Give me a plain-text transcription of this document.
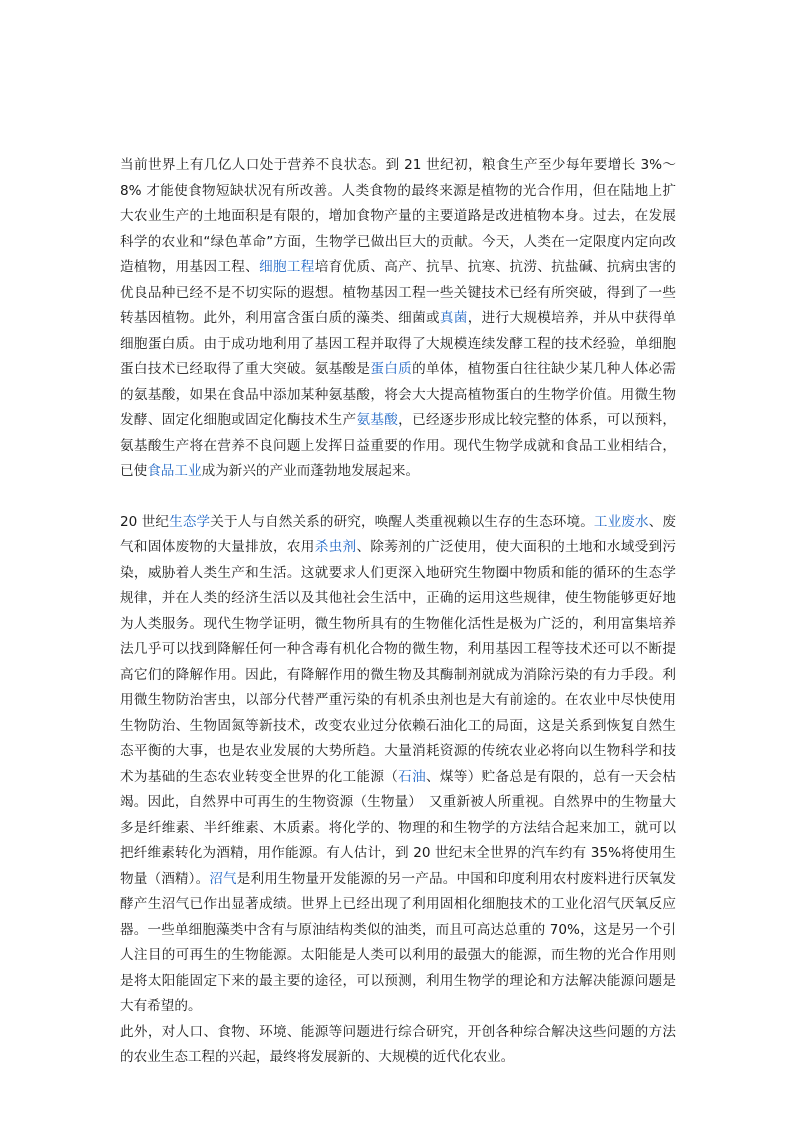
当前世界上有几亿人口处于营养不良状态。到 21 世纪初，粮食生产至少每年要增长 3%～8% 才能使食物短缺状况有所改善。人类食物的最终来源是植物的光合作用，但在陆地上扩大农业生产的土地面积是有限的，增加食物产量的主要道路是改进植物本身。过去，在发展科学的农业和“绿色革命”方面，生物学已做出巨大的贡献。今天，人类在一定限度内定向改造植物，用基因工程、细胞工程培育优质、高产、抗旱、抗寒、抗涝、抗盐碱、抗病虫害的优良品种已经不是不切实际的遐想。植物基因工程一些关键技术已经有所突破，得到了一些转基因植物。此外，利用富含蛋白质的藻类、细菌或真菌，进行大规模培养，并从中获得单细胞蛋白质。由于成功地利用了基因工程并取得了大规模连续发酵工程的技术经验，单细胞蛋白技术已经取得了重大突破。氨基酸是蛋白质的单体，植物蛋白往往缺少某几种人体必需的氨基酸，如果在食品中添加某种氨基酸，将会大大提高植物蛋白的生物学价值。用微生物发酵、固定化细胞或固定化酶技术生产氨基酸，已经逐步形成比较完整的体系，可以预料，氨基酸生产将在营养不良问题上发挥日益重要的作用。现代生物学成就和食品工业相结合，已使食品工业成为新兴的产业而蓬勃地发展起来。

20 世纪生态学关于人与自然关系的研究，唤醒人类重视赖以生存的生态环境。工业废水、废气和固体废物的大量排放，农用杀虫剂、除莠剂的广泛使用，使大面积的土地和水域受到污染，威胁着人类生产和生活。这就要求人们更深入地研究生物圈中物质和能的循环的生态学规律，并在人类的经济生活以及其他社会生活中，正确的运用这些规律，使生物能够更好地为人类服务。现代生物学证明，微生物所具有的生物催化活性是极为广泛的，利用富集培养法几乎可以找到降解任何一种含毒有机化合物的微生物，利用基因工程等技术还可以不断提高它们的降解作用。因此，有降解作用的微生物及其酶制剂就成为消除污染的有力手段。利用微生物防治害虫，以部分代替严重污染的有机杀虫剂也是大有前途的。在农业中尽快使用生物防治、生物固氮等新技术，改变农业过分依赖石油化工的局面，这是关系到恢复自然生态平衡的大事，也是农业发展的大势所趋。大量消耗资源的传统农业必将向以生物科学和技术为基础的生态农业转变全世界的化工能源（石油、煤等）贮备总是有限的，总有一天会枯竭。因此，自然界中可再生的生物资源（生物量）　又重新被人所重视。自然界中的生物量大多是纤维素、半纤维素、木质素。将化学的、物理的和生物学的方法结合起来加工，就可以把纤维素转化为酒精，用作能源。有人估计，到 20 世纪末全世界的汽车约有 35%将使用生物量（酒精）。沼气是利用生物量开发能源的另一产品。中国和印度利用农村废料进行厌氧发酵产生沼气已作出显著成绩。世界上已经出现了利用固相化细胞技术的工业化沼气厌氧反应器。一些单细胞藻类中含有与原油结构类似的油类，而且可高达总重的 70%，这是另一个引人注目的可再生的生物能源。太阳能是人类可以利用的最强大的能源，而生物的光合作用则是将太阳能固定下来的最主要的途径，可以预测，利用生物学的理论和方法解决能源问题是大有希望的。

此外，对人口、食物、环境、能源等问题进行综合研究，开创各种综合解决这些问题的方法的农业生态工程的兴起，最终将发展新的、大规模的近代化农业。
